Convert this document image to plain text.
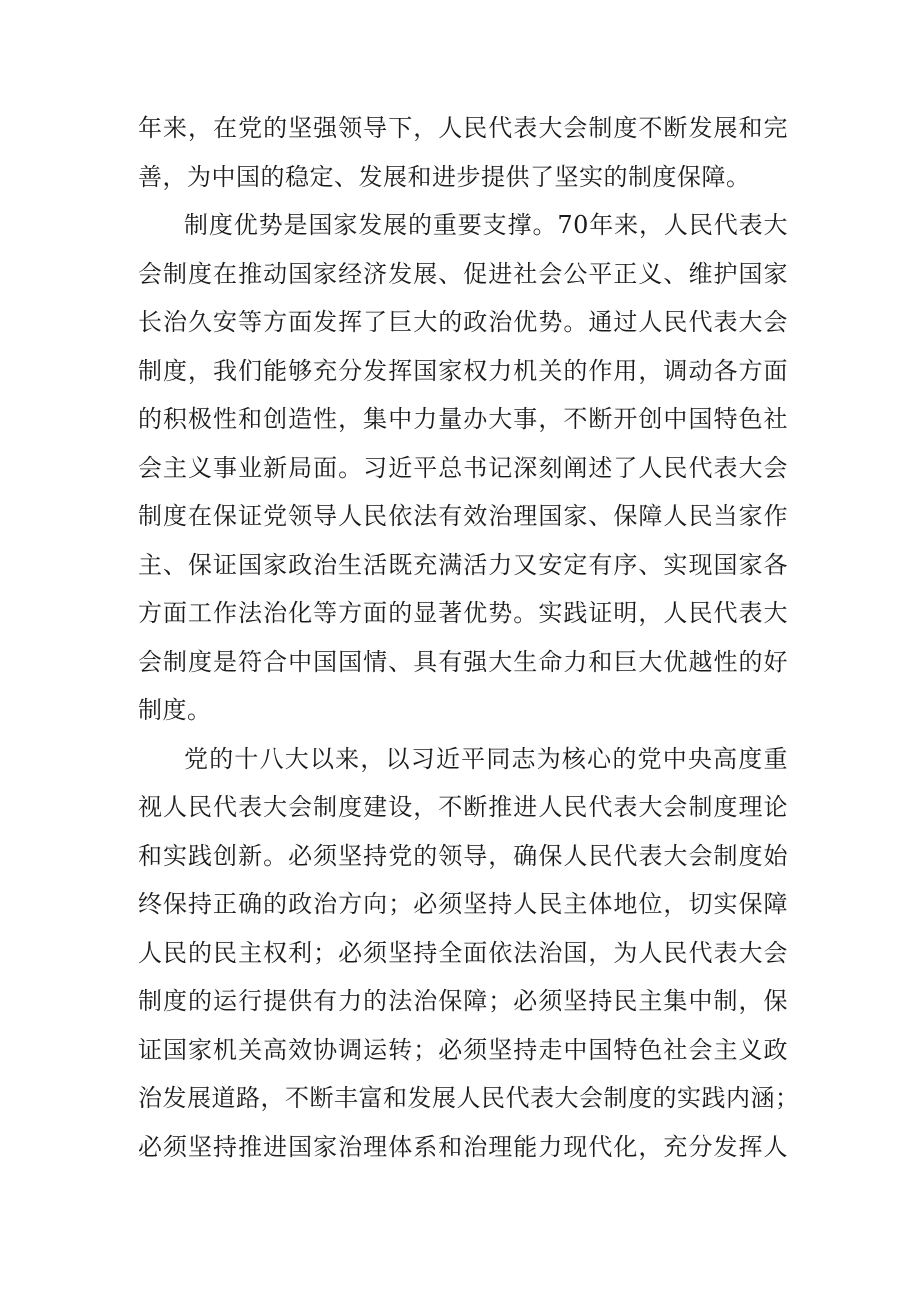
年来，在党的坚强领导下，人民代表大会制度不断发展和完
善，为中国的稳定、发展和进步提供了坚实的制度保障。
制度优势是国家发展的重要支撑。70年来，人民代表大
会制度在推动国家经济发展、促进社会公平正义、维护国家
长治久安等方面发挥了巨大的政治优势。通过人民代表大会
制度，我们能够充分发挥国家权力机关的作用，调动各方面
的积极性和创造性，集中力量办大事，不断开创中国特色社
会主义事业新局面。习近平总书记深刻阐述了人民代表大会
制度在保证党领导人民依法有效治理国家、保障人民当家作
主、保证国家政治生活既充满活力又安定有序、实现国家各
方面工作法治化等方面的显著优势。实践证明，人民代表大
会制度是符合中国国情、具有强大生命力和巨大优越性的好
制度。
党的十八大以来，以习近平同志为核心的党中央高度重
视人民代表大会制度建设，不断推进人民代表大会制度理论
和实践创新。必须坚持党的领导，确保人民代表大会制度始
终保持正确的政治方向；必须坚持人民主体地位，切实保障
人民的民主权利；必须坚持全面依法治国，为人民代表大会
制度的运行提供有力的法治保障；必须坚持民主集中制，保
证国家机关高效协调运转；必须坚持走中国特色社会主义政
治发展道路，不断丰富和发展人民代表大会制度的实践内涵；
必须坚持推进国家治理体系和治理能力现代化，充分发挥人
